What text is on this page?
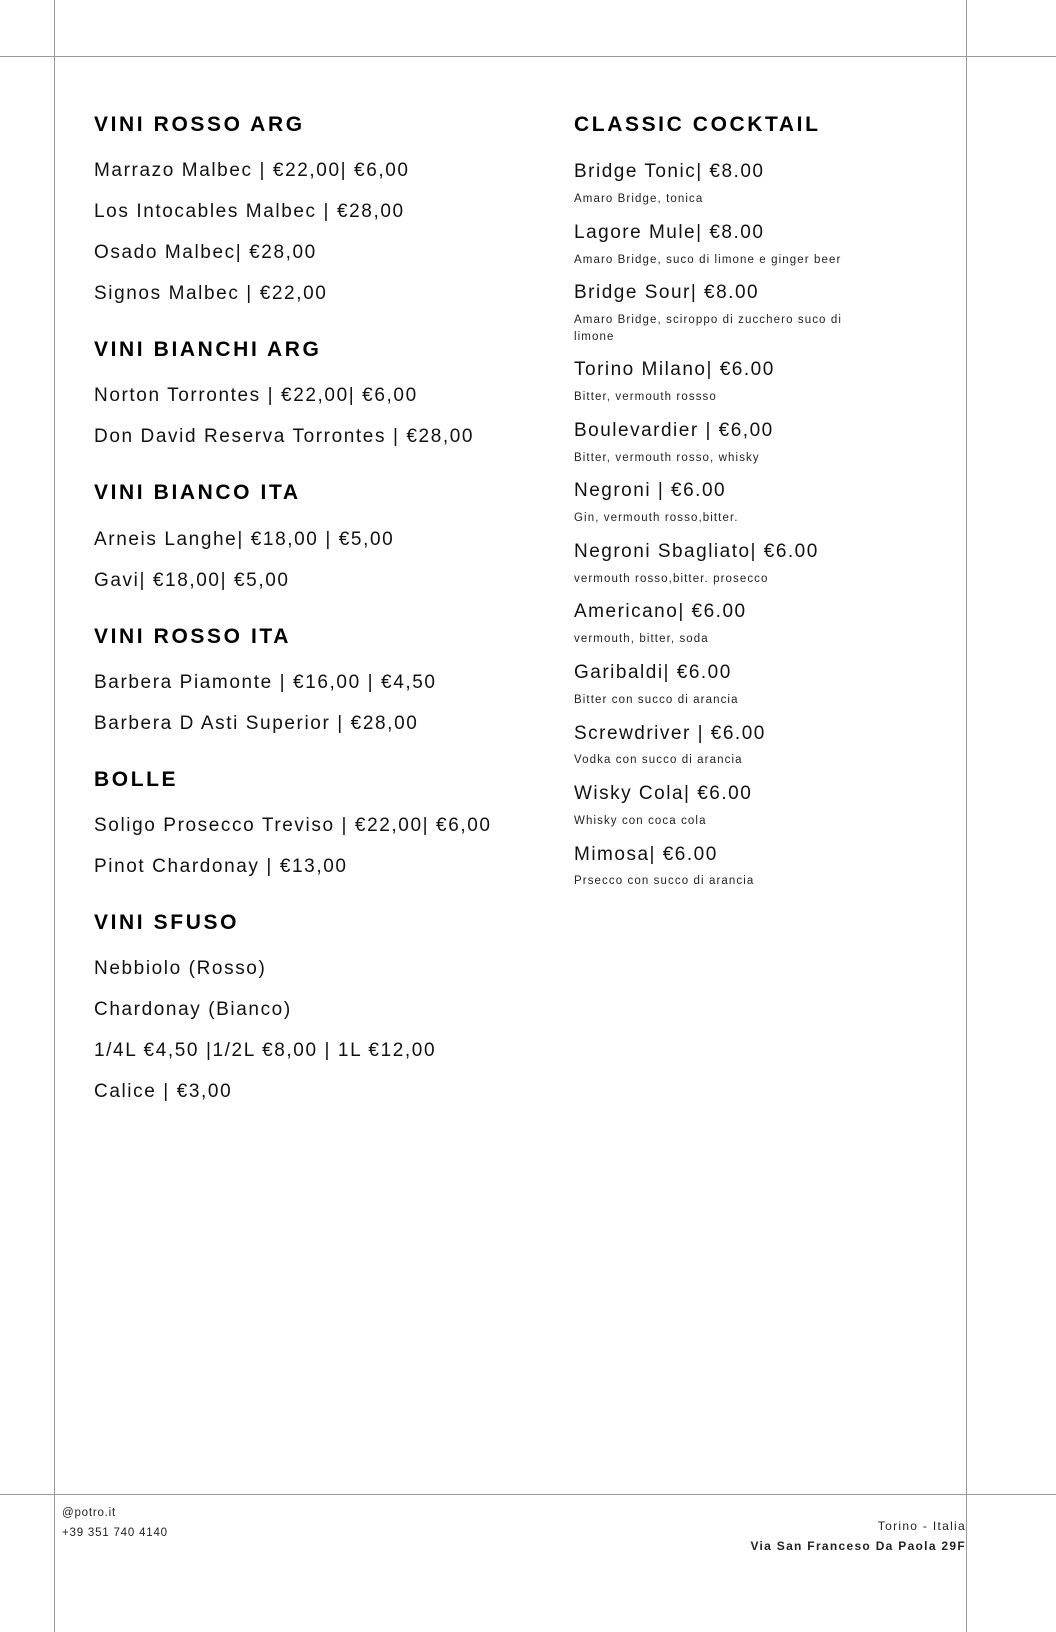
VINI ROSSO ARG

Marrazo Malbec | €22,00| €6,00

Los Intocables Malbec | €28,00

Osado Malbec| €28,00

Signos Malbec | €22,00

VINI BIANCHI ARG

Norton Torrontes | €22,00| €6,00

Don David Reserva Torrontes | €28,00

VINI BIANCO ITA

Arneis Langhe| €18,00 | €5,00

Gavi| €18,00| €5,00

VINI ROSSO ITA

Barbera Piamonte | €16,00 | €4,50

Barbera D Asti Superior | €28,00

BOLLE

Soligo Prosecco Treviso | €22,00| €6,00

Pinot Chardonay | €13,00

VINI SFUSO

Nebbiolo (Rosso)

Chardonay (Bianco)

1/4L €4,50 |1/2L €8,00 | 1L €12,00

Calice | €3,00

CLASSIC COCKTAIL

Bridge Tonic| €8.00

Amaro Bridge, tonica

Lagore Mule| €8.00

Amaro Bridge, suco di limone e ginger beer

Bridge Sour| €8.00

Amaro Bridge, sciroppo di zucchero suco di limone

Torino Milano| €6.00

Bitter, vermouth rossso

Boulevardier | €6,00

Bitter, vermouth rosso, whisky

Negroni | €6.00

Gin, vermouth rosso,bitter.

Negroni Sbagliato| €6.00

vermouth rosso,bitter. prosecco

Americano| €6.00

vermouth, bitter, soda

Garibaldi| €6.00

Bitter con succo di arancia

Screwdriver | €6.00

Vodka con succo di arancia

Wisky Cola| €6.00

Whisky con coca cola

Mimosa| €6.00

Prsecco con succo di arancia

@potro.it
+39 351 740 4140	Torino - Italia
Via San Franceso Da Paola 29F
